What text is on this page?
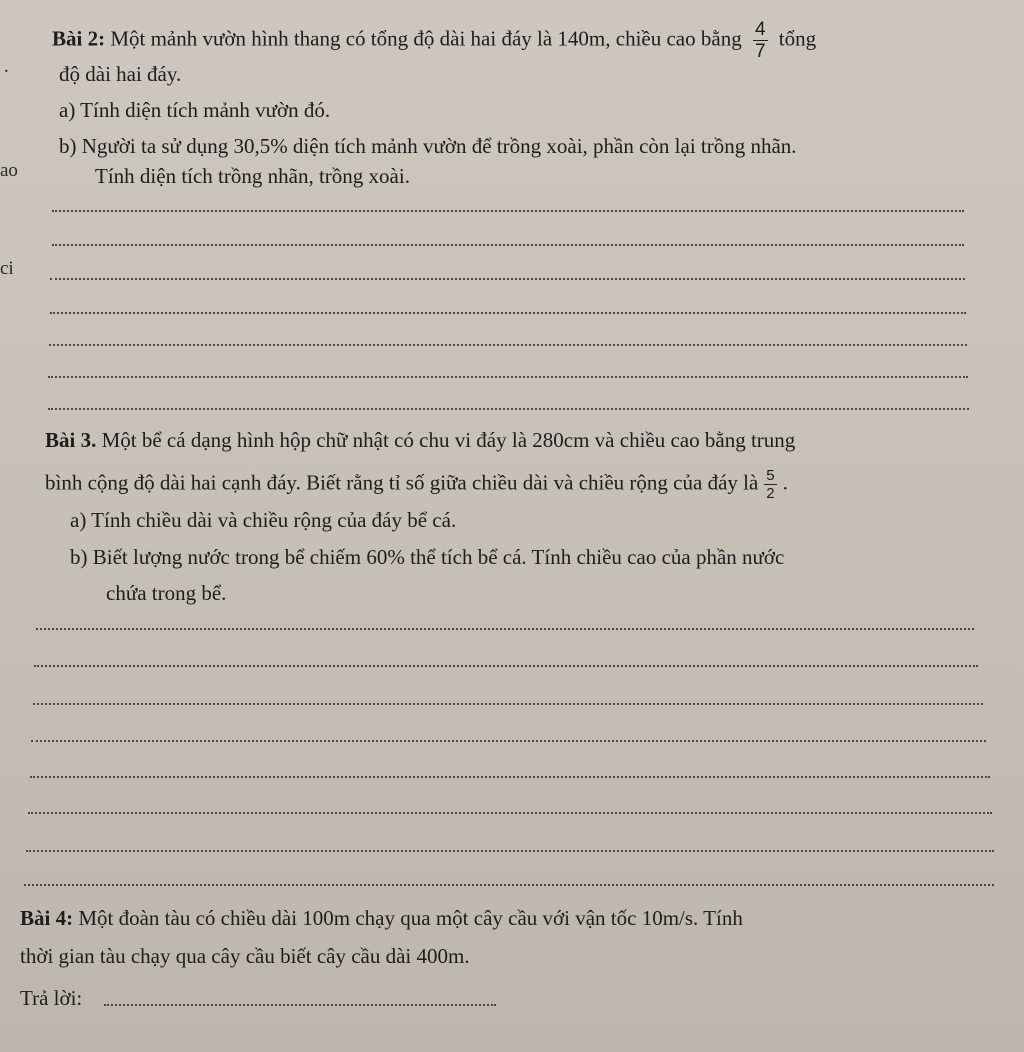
.
ao
ci
Bài 2: Một mảnh vườn hình thang có tổng độ dài hai đáy là 140m, chiều cao bằng $\frac{4}{7}$ tổng
độ dài hai đáy.
a) Tính diện tích mảnh vườn đó.
b) Người ta sử dụng 30,5% diện tích mảnh vườn để trồng xoài, phần còn lại trồng nhãn.
Tính diện tích trồng nhãn, trồng xoài.
Bài 3. Một bể cá dạng hình hộp chữ nhật có chu vi đáy là 280cm và chiều cao bằng trung
bình cộng độ dài hai cạnh đáy. Biết rằng tỉ số giữa chiều dài và chiều rộng của đáy là $\frac{5}{2}$ .
a) Tính chiều dài và chiều rộng của đáy bể cá.
b) Biết lượng nước trong bể chiếm 60% thể tích bể cá. Tính chiều cao của phần nước
chứa trong bể.
Bài 4: Một đoàn tàu có chiều dài 100m chạy qua một cây cầu với vận tốc 10m/s. Tính
thời gian tàu chạy qua cây cầu biết cây cầu dài 400m.
Trả lời:
